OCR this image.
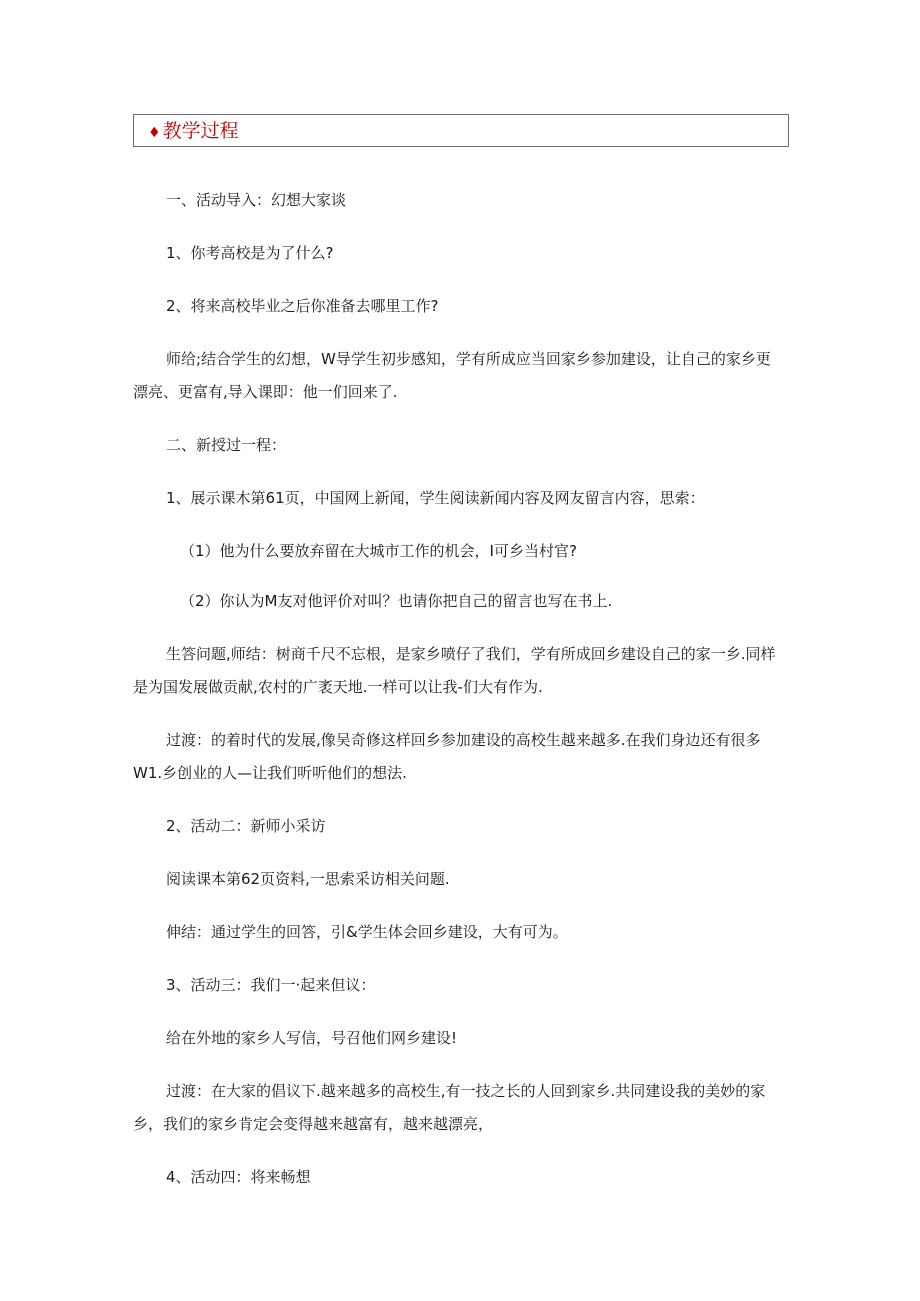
♦ 教学过程
一、活动导入：幻想大家谈
1、你考高校是为了什么?
2、将来高校毕业之后你准备去哪里工作?
师给;结合学生的幻想，W导学生初步感知，学有所成应当回家乡参加建设，让自己的家乡更
漂亮、更富有,导入课即：他一们回来了.
二、新授过一程：
1、展示课木第61页，中国网上新闻，学生阅读新闻内容及网友留言内容，思索：
（1）他为什么要放弃留在大城市工作的机会，I可乡当村官?
（2）你认为M友对他评价对叫？也请你把自己的留言也写在书上.
生答问题,师结：树商千尺不忘根，是家乡喷仔了我们，学有所成回乡建设自己的家一乡.同样
是为国发展做贡献,农村的广袤天地.一样可以让我-们大有作为.
过渡：的着时代的发展,像吴奇修这样回乡参加建设的高校生越来越多.在我们身边还有很多
W1.乡创业的人—让我们听听他们的想法.
2、活动二：新师小采访
阅读课本第62页资料,一思索采访相关问题.
伸结：通过学生的回答，引&学生体会回乡建设，大有可为。
3、活动三：我们一·起来但议：
给在外地的家乡人写信，号召他们网乡建设!
过渡：在大家的倡议下.越来越多的高校生,有一技之长的人回到家乡.共同建设我的美妙的家
乡，我们的家乡肯定会变得越来越富有，越来越漂亮，
4、活动四：将来畅想
